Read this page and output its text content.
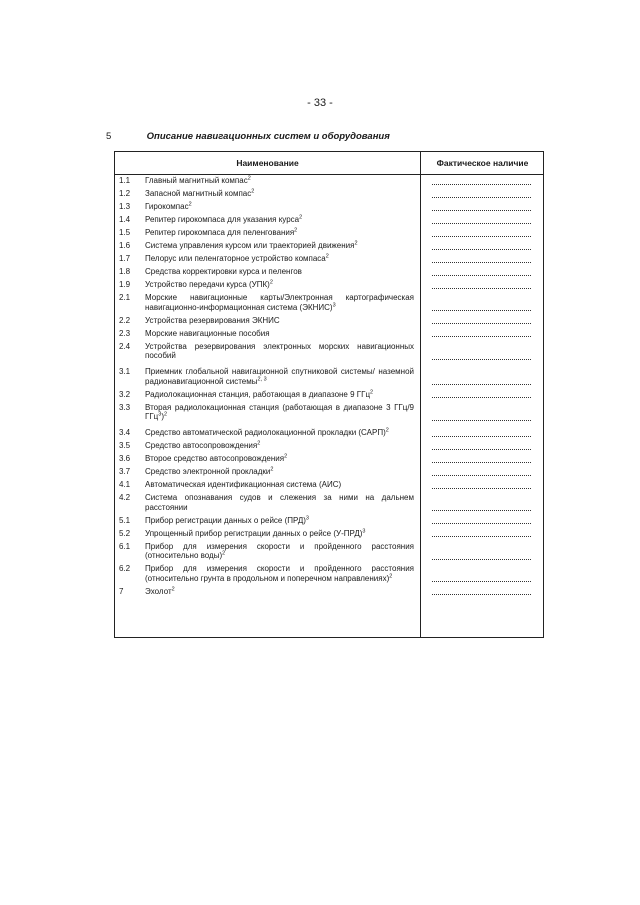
- 33 -
5	Описание навигационных систем и оборудования
Наименование	Фактическое наличие
1.1	Главный магнитный компас$^2$
1.2	Запасной магнитный компас$^2$
1.3	Гирокомпас$^2$
1.4	Репитер гирокомпаса для указания курса$^2$
1.5	Репитер гирокомпаса для пеленгования$^2$
1.6	Система управления курсом или траекторией движения$^2$
1.7	Пелорус или пеленгаторное устройство компаса$^2$
1.8	Средства корректировки курса и пеленгов
1.9	Устройство передачи курса (УПК)$^2$
2.1	Морские навигационные карты/Электронная картографическая навигационно-информационная система (ЭКНИС)$^3$
2.2	Устройства резервирования ЭКНИС
2.3	Морские навигационные пособия
2.4	Устройства резервирования электронных морских навигационных пособий
3.1	Приемник глобальной навигационной спутниковой системы/ наземной радионавигационной системы$^{2, 3}$
3.2	Радиолокационная станция, работающая в диапазоне 9 ГГц$^2$
3.3	Вторая радиолокационная станция (работающая в диапазоне 3 ГГц/9 ГГц$^3$)$^2$
3.4	Средство автоматической радиолокационной прокладки (САРП)$^2$
3.5	Средство автосопровождения$^2$
3.6	Второе средство автосопровождения$^2$
3.7	Средство электронной прокладки$^2$
4.1	Автоматическая идентификационная система (АИС)
4.2	Система опознавания судов и слежения за ними на дальнем расстоянии
5.1	Прибор регистрации данных о рейсе (ПРД)$^3$
5.2	Упрощенный прибор регистрации данных о рейсе $(У-ПРД)^3$
6.1	Прибор для измерения скорости и пройденного расстояния (относительно воды)$^2$
6.2	Прибор для измерения скорости и пройденного расстояния (относительно грунта в продольном и поперечном направлениях)$^2$
7	Эхолот$^2$
